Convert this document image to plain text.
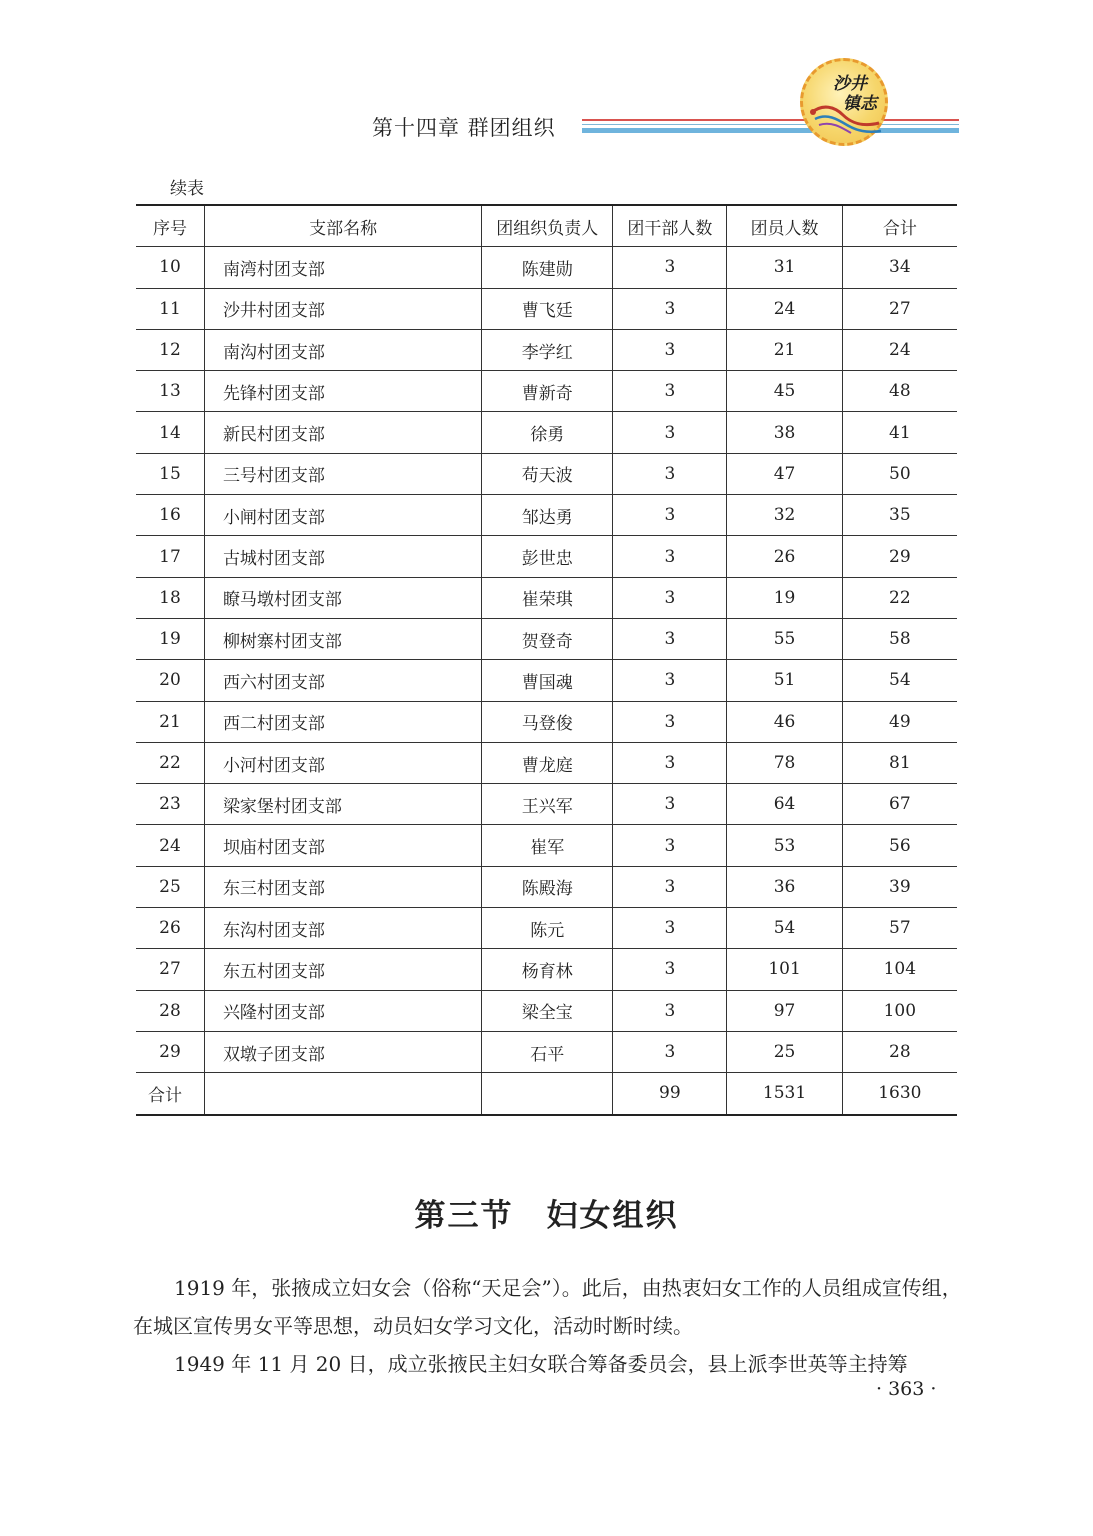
第十四章 群团组织
沙井
镇志
续表
序号	支部名称	团组织负责人	团干部人数	团员人数	合计
10	南湾村团支部	陈建勋	3	31	34
11	沙井村团支部	曹飞廷	3	24	27
12	南沟村团支部	李学红	3	21	24
13	先锋村团支部	曹新奇	3	45	48
14	新民村团支部	徐勇	3	38	41
15	三号村团支部	苟天波	3	47	50
16	小闸村团支部	邹达勇	3	32	35
17	古城村团支部	彭世忠	3	26	29
18	瞭马墩村团支部	崔荣琪	3	19	22
19	柳树寨村团支部	贺登奇	3	55	58
20	西六村团支部	曹国魂	3	51	54
21	西二村团支部	马登俊	3	46	49
22	小河村团支部	曹龙庭	3	78	81
23	梁家堡村团支部	王兴军	3	64	67
24	坝庙村团支部	崔军	3	53	56
25	东三村团支部	陈殿海	3	36	39
26	东沟村团支部	陈元	3	54	57
27	东五村团支部	杨育林	3	101	104
28	兴隆村团支部	梁全宝	3	97	100
29	双墩子团支部	石平	3	25	28
合计			99	1531	1630
第三节　妇女组织

1919 年，张掖成立妇女会（俗称“天足会”）。此后，由热衷妇女工作的人员组成宣传组，在城区宣传男女平等思想，动员妇女学习文化，活动时断时续。

1949 年 11 月 20 日，成立张掖民主妇女联合筹备委员会，县上派李世英等主持筹

· 363 ·
